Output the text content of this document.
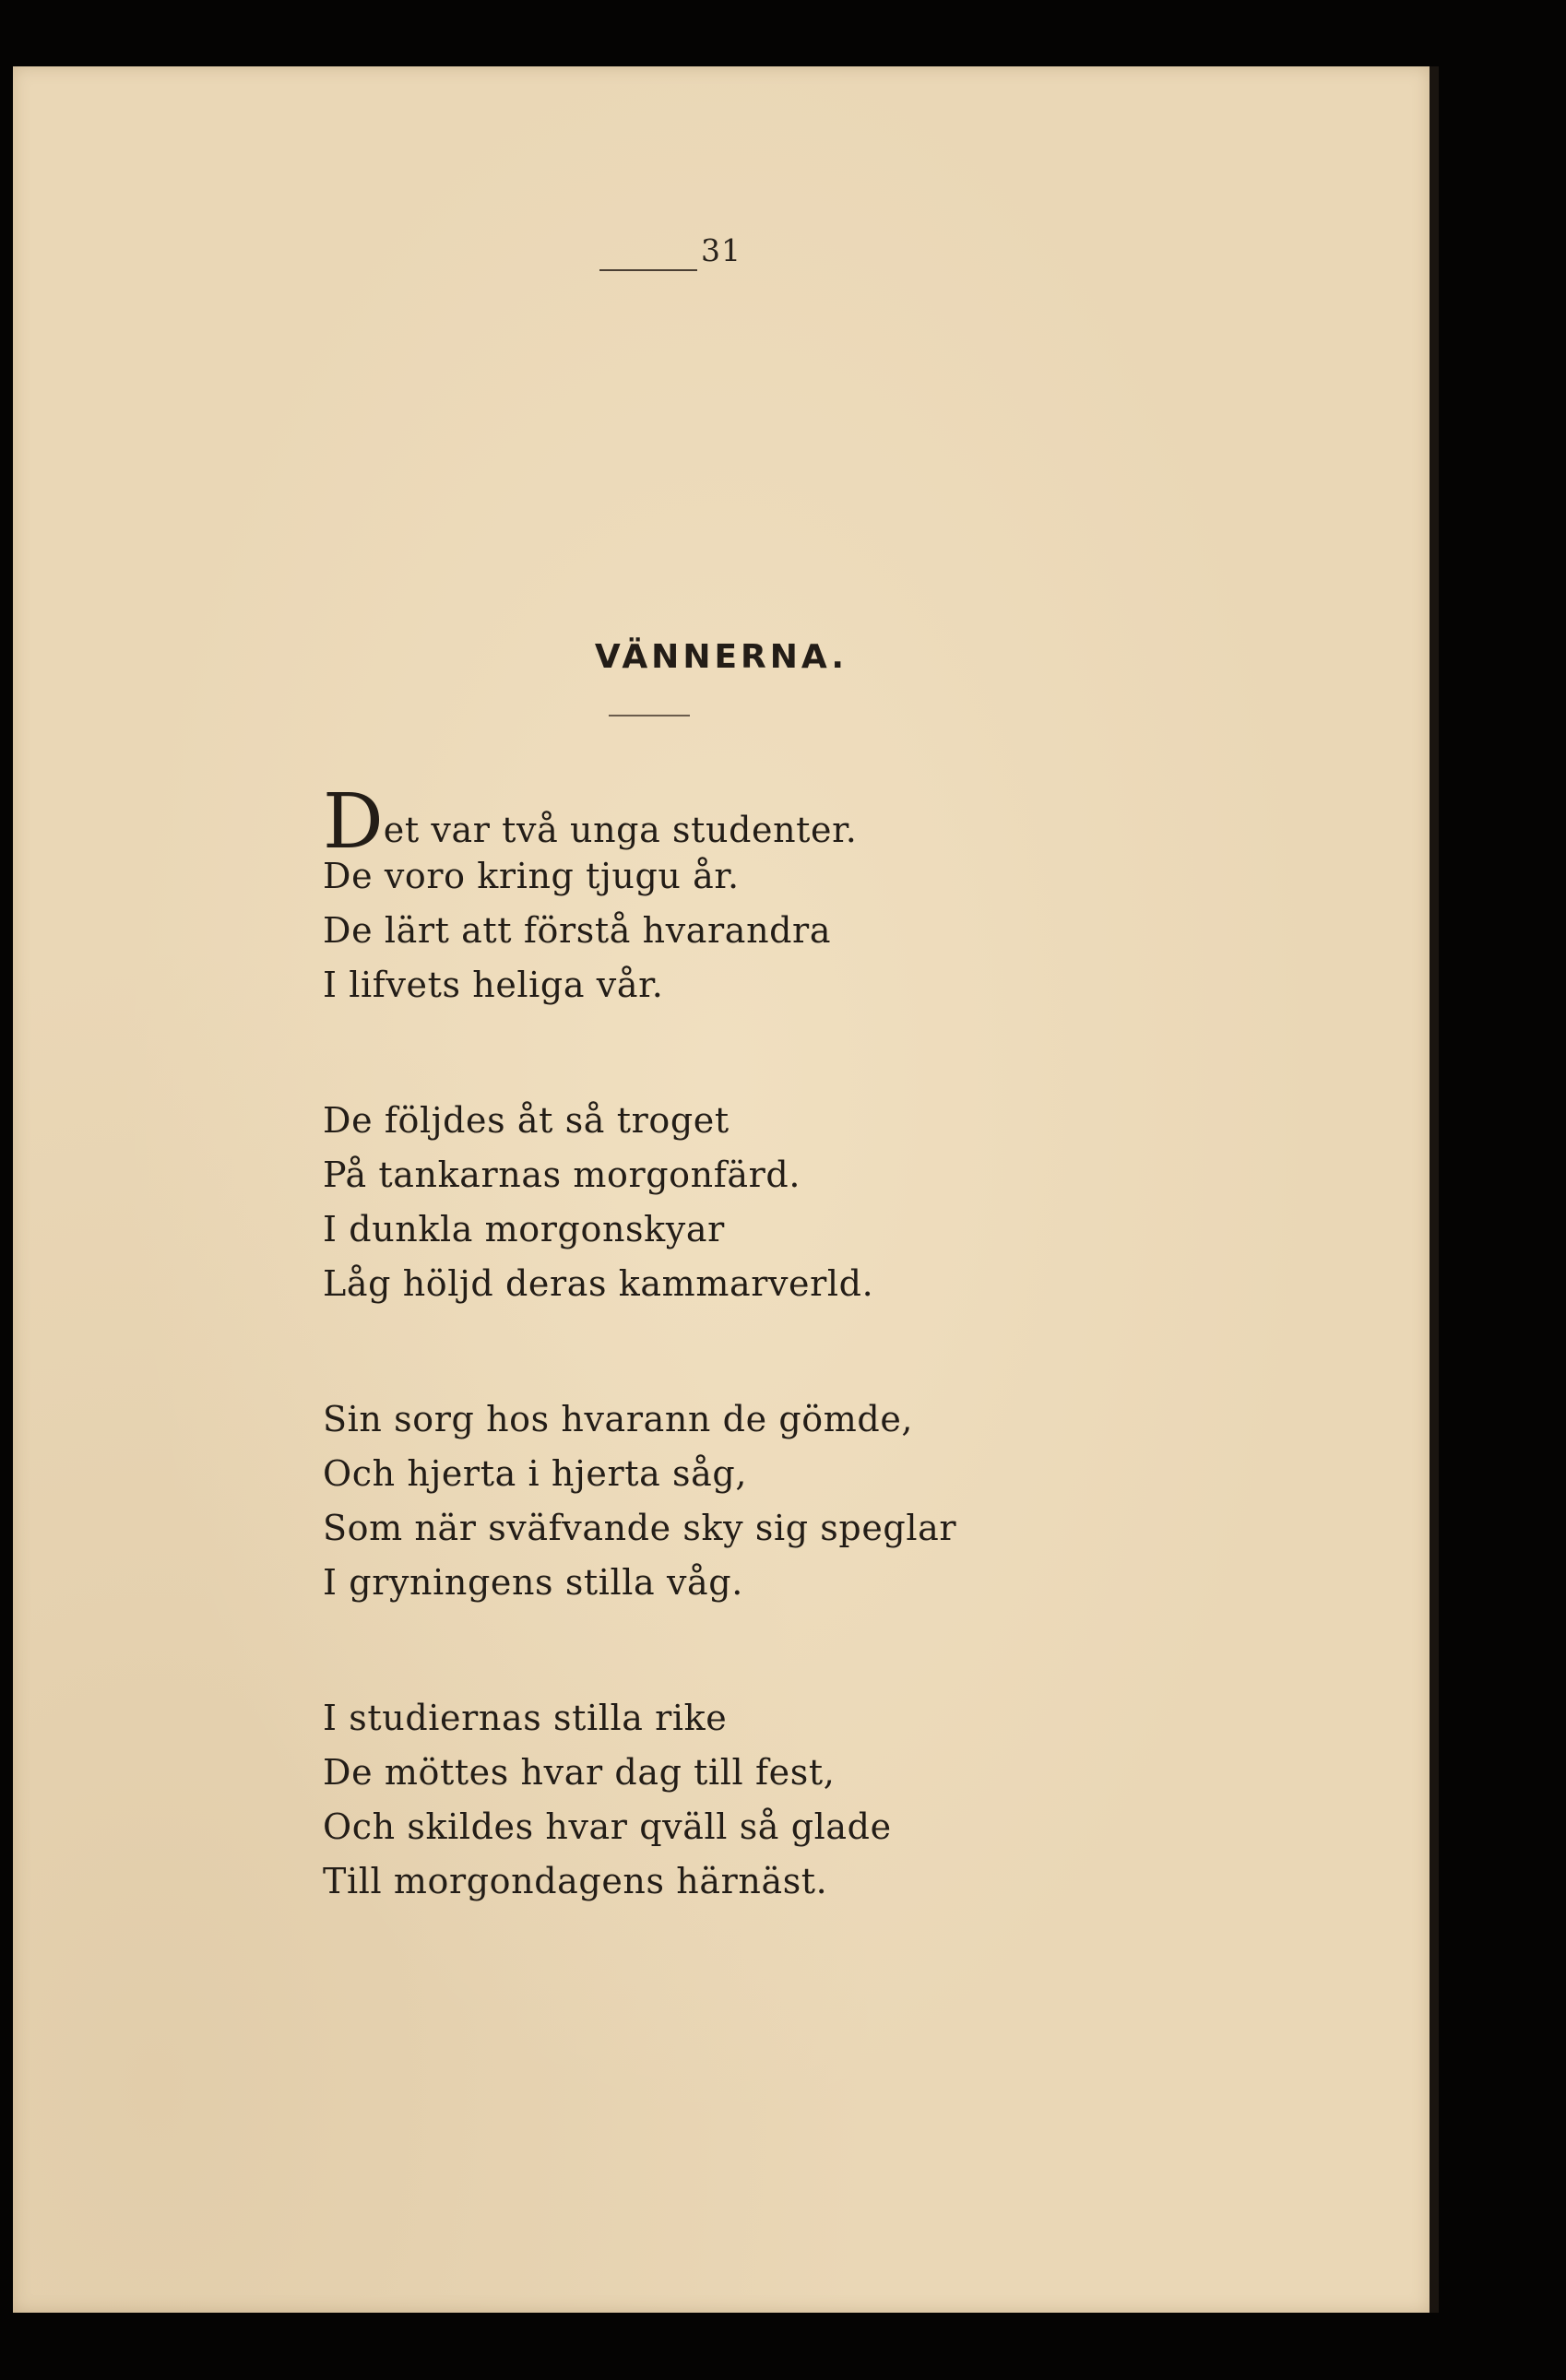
31
VÄNNERNA.
Det var två unga studenter.
De voro kring tjugu år.
De lärt att förstå hvarandra
I lifvets heliga vår.
De följdes åt så troget
På tankarnas morgonfärd.
I dunkla morgonskyar
Låg höljd deras kammarverld.
Sin sorg hos hvarann de gömde,
Och hjerta i hjerta såg,
Som när sväfvande sky sig speglar
I gryningens stilla våg.
I studiernas stilla rike
De möttes hvar dag till fest,
Och skildes hvar qväll så glade
Till morgondagens härnäst.
